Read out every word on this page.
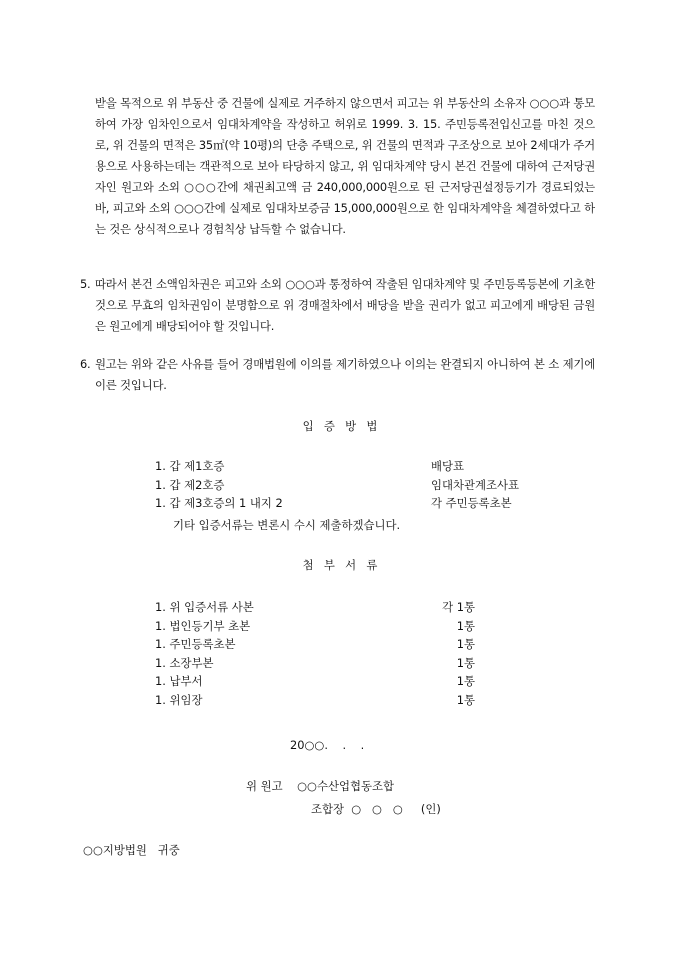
받을 목적으로 위 부동산 중 건물에 실제로 거주하지 않으면서 피고는 위 부동산의 소유자 ○○○과 통모하여 가장 임차인으로서 임대차계약을 작성하고 허위로 1999. 3. 15. 주민등록전입신고를 마친 것으로, 위 건물의 면적은 35㎡(약 10평)의 단층 주택으로, 위 건물의 면적과 구조상으로 보아 2세대가 주거용으로 사용하는데는 객관적으로 보아 타당하지 않고, 위 임대차계약 당시 본건 건물에 대하여 근저당권자인 원고와 소외 ○○○간에 채권최고액 금 240,000,000원으로 된 근저당권설정등기가 경료되었는 바, 피고와 소외 ○○○간에 실제로 임대차보증금 15,000,000원으로 한 임대차계약을 체결하였다고 하는 것은 상식적으로나 경험칙상 납득할 수 없습니다.

5. 따라서 본건 소액임차권은 피고와 소외 ○○○과 통정하여 작출된 임대차계약 및 주민등록등본에 기초한 것으로 무효의 임차권임이 분명함으로 위 경매절차에서 배당을 받을 권리가 없고 피고에게 배당된 금원은 원고에게 배당되어야 할 것입니다.
6. 원고는 위와 같은 사유를 들어 경매법원에 이의를 제기하였으나 이의는 완결되지 아니하여 본 소 제기에 이른 것입니다.
입증방법
1. 갑 제1호증	배당표
1. 갑 제2호증	임대차관계조사표
1. 갑 제3호증의 1 내지 2	각 주민등록초본
기타 입증서류는 변론시 수시 제출하겠습니다.
첨부서류
1. 위 입증서류 사본	각 1통
1. 법인등기부 초본	1통
1. 주민등록초본	1통
1. 소장부본	1통
1. 납부서	1통
1. 위임장	1통
20○○.    .    .
위 원고    ○○수산업협동조합
조합장  ○   ○   ○     (인)
○○지방법원   귀중
